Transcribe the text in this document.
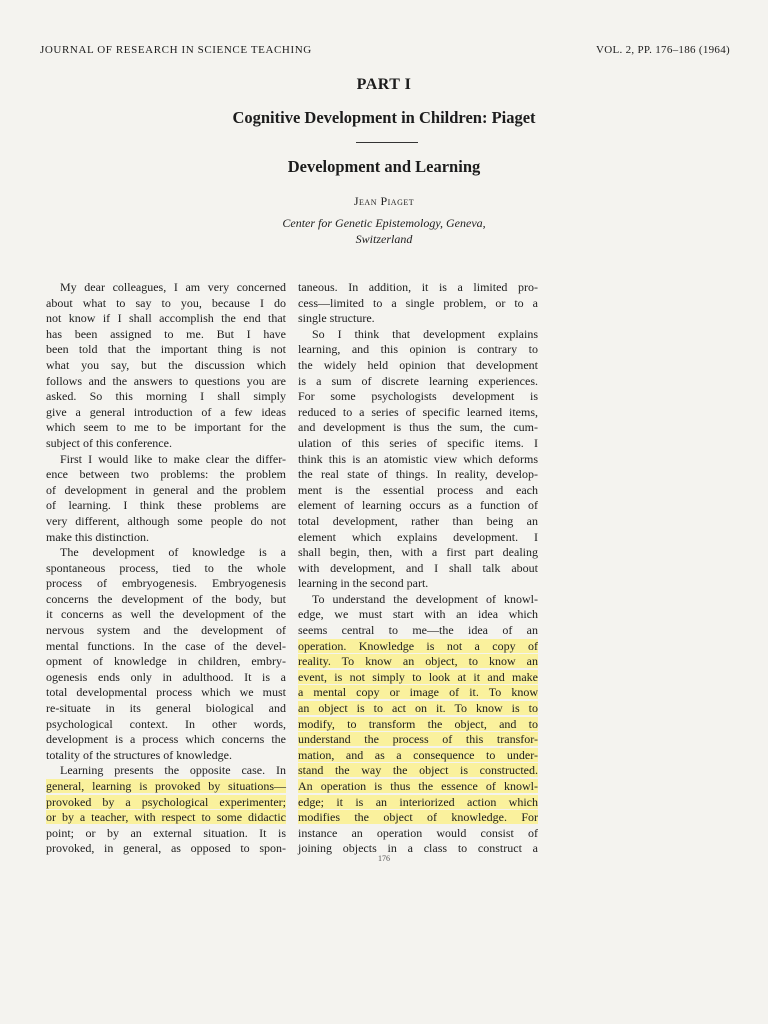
JOURNAL OF RESEARCH IN SCIENCE TEACHING	VOL. 2, PP. 176–186 (1964)
PART I
Cognitive Development in Children: Piaget
Development and Learning
Jean Piaget
Center for Genetic Epistemology, Geneva,
Switzerland
My dear colleagues, I am very concerned
about what to say to you, because I do
not know if I shall accomplish the end that
has been assigned to me. But I have
been told that the important thing is not
what you say, but the discussion which
follows and the answers to questions you are
asked. So this morning I shall simply
give a general introduction of a few ideas
which seem to me to be important for the
subject of this conference.
First I would like to make clear the differ-
ence between two problems: the problem
of development in general and the problem
of learning. I think these problems are
very different, although some people do not
make this distinction.
The development of knowledge is a
spontaneous process, tied to the whole
process of embryogenesis. Embryogenesis
concerns the development of the body, but
it concerns as well the development of the
nervous system and the development of
mental functions. In the case of the devel-
opment of knowledge in children, embry-
ogenesis ends only in adulthood. It is a
total developmental process which we must
re-situate in its general biological and
psychological context. In other words,
development is a process which concerns the
totality of the structures of knowledge.
Learning presents the opposite case. In
general, learning is provoked by situations—
provoked by a psychological experimenter;
or by a teacher, with respect to some didactic
point; or by an external situation. It is
provoked, in general, as opposed to spon-
taneous. In addition, it is a limited pro-
cess—limited to a single problem, or to a
single structure.
So I think that development explains
learning, and this opinion is contrary to
the widely held opinion that development
is a sum of discrete learning experiences.
For some psychologists development is
reduced to a series of specific learned items,
and development is thus the sum, the cum-
ulation of this series of specific items. I
think this is an atomistic view which deforms
the real state of things. In reality, develop-
ment is the essential process and each
element of learning occurs as a function of
total development, rather than being an
element which explains development. I
shall begin, then, with a first part dealing
with development, and I shall talk about
learning in the second part.
To understand the development of knowl-
edge, we must start with an idea which
seems central to me—the idea of an
operation. Knowledge is not a copy of
reality. To know an object, to know an
event, is not simply to look at it and make
a mental copy or image of it. To know
an object is to act on it. To know is to
modify, to transform the object, and to
understand the process of this transfor-
mation, and as a consequence to under-
stand the way the object is constructed.
An operation is thus the essence of knowl-
edge; it is an interiorized action which
modifies the object of knowledge. For
instance an operation would consist of
joining objects in a class to construct a
176
